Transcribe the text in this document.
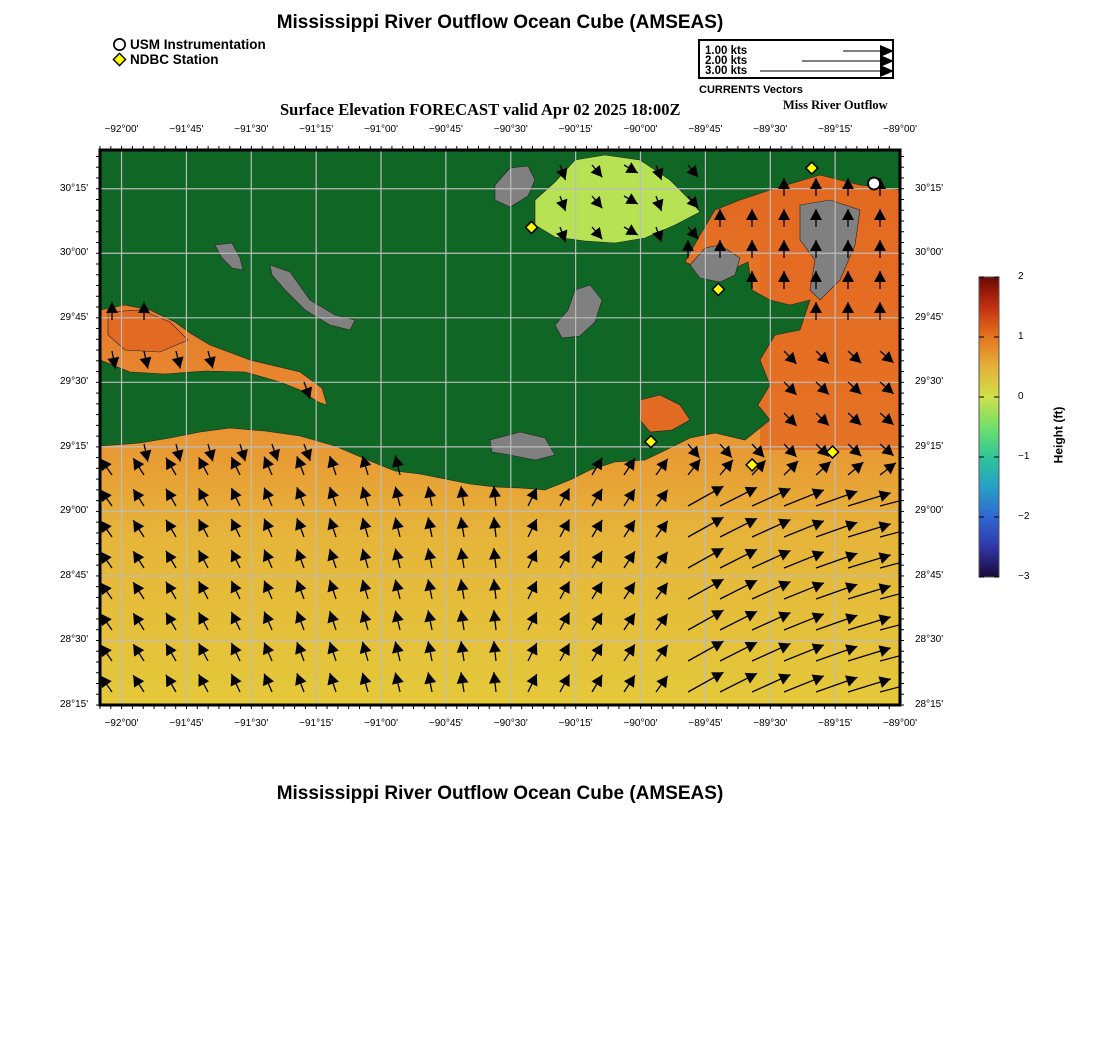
Mississippi River Outflow Ocean Cube (AMSEAS)
Mississippi River Outflow Ocean Cube (AMSEAS)
USM Instrumentation
NDBC Station
1.00 kts
2.00 kts
3.00 kts
CURRENTS Vectors
Surface Elevation FORECAST valid Apr 02 2025 18:00Z	Miss River Outflow
−92°00'	−91°45'	−91°30'	−91°15'	−91°00'	−90°45'	−90°30'	−90°15'	−90°00'	−89°45'	−89°30'	−89°15'	−89°00'
−92°00'	−91°45'	−91°30'	−91°15'	−91°00'	−90°45'	−90°30'	−90°15'	−90°00'	−89°45'	−89°30'	−89°15'	−89°00'
30°15'
30°00'
29°45'
29°30'
29°15'
29°00'
28°45'
28°30'
28°15'
30°15'
30°00'
29°45'
29°30'
29°15'
29°00'
28°45'
28°30'
28°15'
2
1
0
−1
−2
−3
Height (ft)
